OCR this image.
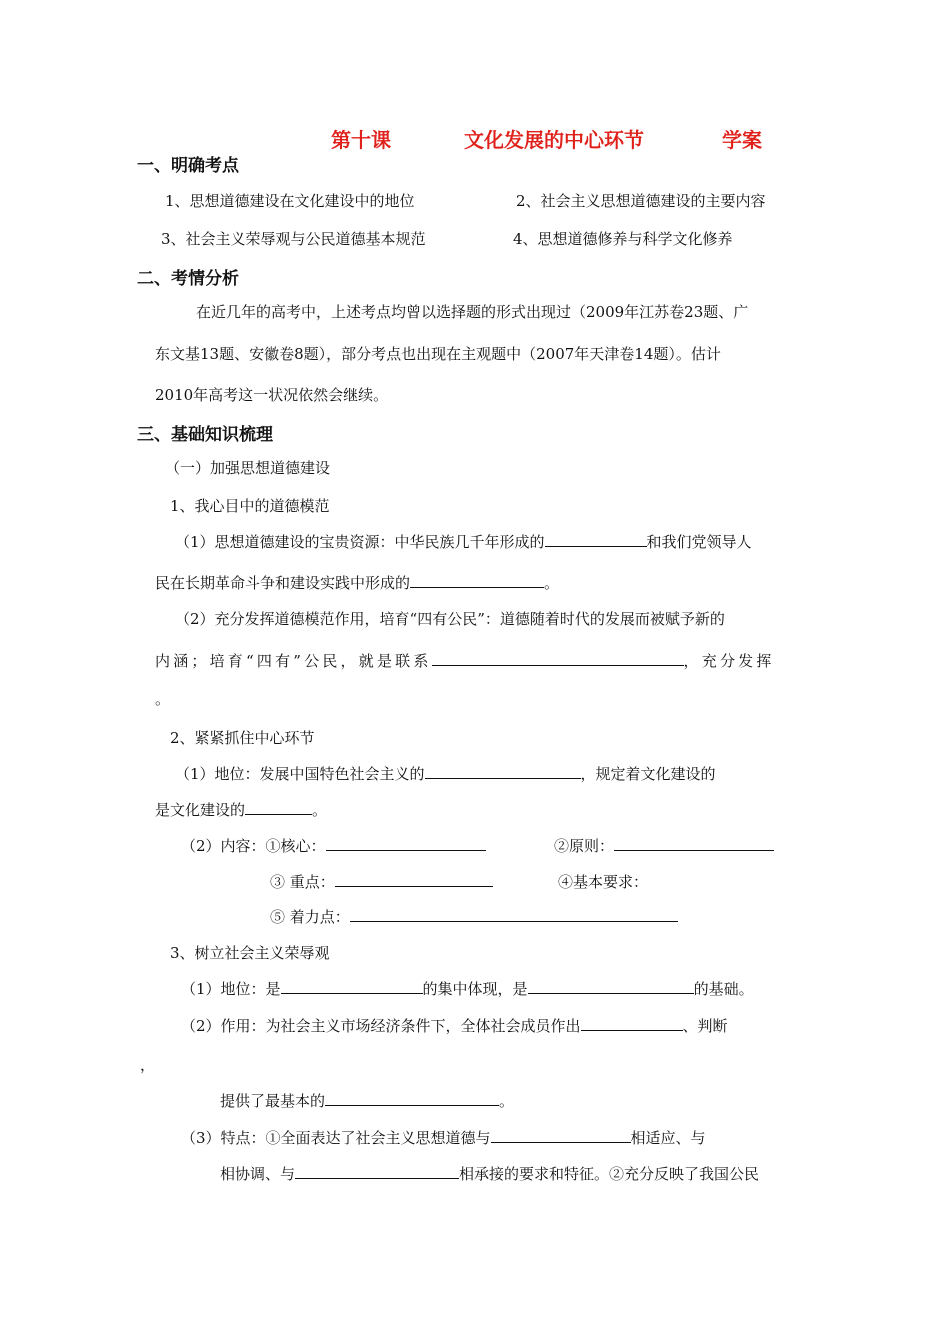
第十课	文化发展的中心环节	学案
一、明确考点
1、思想道德建设在文化建设中的地位	2、社会主义思想道德建设的主要内容
3、社会主义荣辱观与公民道德基本规范	4、思想道德修养与科学文化修养
二、考情分析
在近几年的高考中，上述考点均曾以选择题的形式出现过（2009年江苏卷23题、广
东文基13题、安徽卷8题），部分考点也出现在主观题中（2007年天津卷14题）。估计
2010年高考这一状况依然会继续。
三、基础知识梳理
（一）加强思想道德建设
1、我心目中的道德模范
（1）思想道德建设的宝贵资源：中华民族几千年形成的	和我们党领导人
民在长期革命斗争和建设实践中形成的	。
（2）充分发挥道德模范作用，培育“四有公民”：道德随着时代的发展而被赋予新的
内涵；培育“四有”公民，就是联系	，充分发挥
。
2、紧紧抓住中心环节
（1）地位：发展中国特色社会主义的	，规定着文化建设的
是文化建设的	。
（2）内容：①核心：	②原则：
③ 重点：	④基本要求：
⑤ 着力点：
3、树立社会主义荣辱观
（1）地位：是	的集中体现，是	的基础。
（2）作用：为社会主义市场经济条件下，全体社会成员作出	、判断
，
提供了最基本的	。
（3）特点：①全面表达了社会主义思想道德与	相适应、与
相协调、与	相承接的要求和特征。②充分反映了我国公民
